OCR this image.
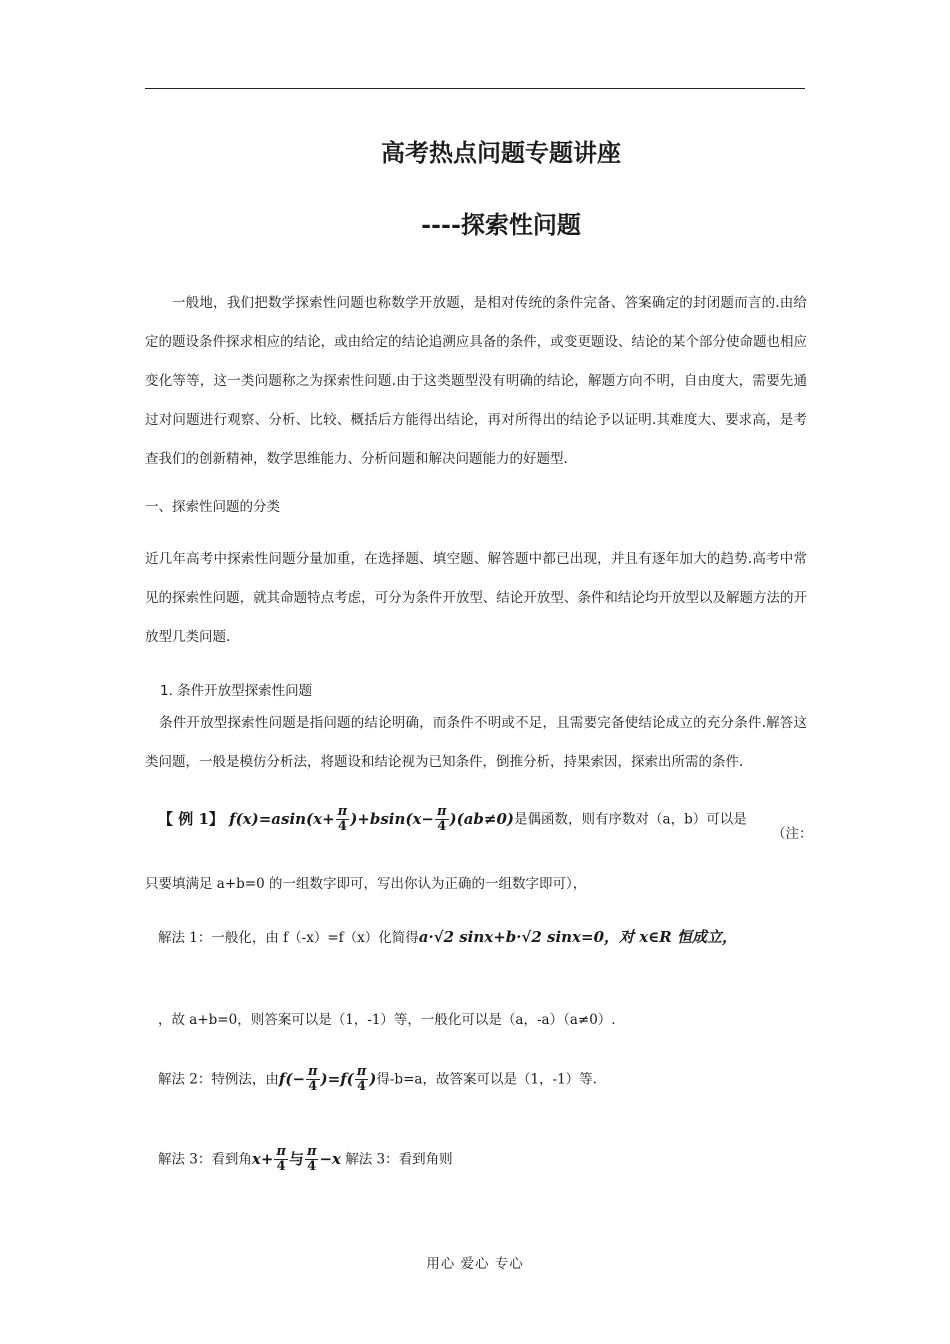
高考热点问题专题讲座
----探索性问题
一般地，我们把数学探索性问题也称数学开放题，是相对传统的条件完备、答案确定的封闭题而言的.由给定的题设条件探求相应的结论，或由给定的结论追溯应具备的条件，或变更题设、结论的某个部分使命题也相应变化等等，这一类问题称之为探索性问题.由于这类题型没有明确的结论，解题方向不明，自由度大，需要先通过对问题进行观察、分析、比较、概括后方能得出结论，再对所得出的结论予以证明.其难度大、要求高，是考查我们的创新精神，数学思维能力、分析问题和解决问题能力的好题型.
一、探索性问题的分类
近几年高考中探索性问题分量加重，在选择题、填空题、解答题中都已出现，并且有逐年加大的趋势.高考中常见的探索性问题，就其命题特点考虑，可分为条件开放型、结论开放型、条件和结论均开放型以及解题方法的开放型几类问题.
1. 条件开放型探索性问题
条件开放型探索性问题是指问题的结论明确，而条件不明或不足，且需要完备使结论成立的充分条件.解答这类问题，一般是模仿分析法，将题设和结论视为已知条件，倒推分析，持果索因，探索出所需的条件.
【 例 1】 $f(x)=asin(x+ \frac{\pi}{4} )+bsin(x- \frac{\pi}{4} )(ab\ne 0)$是偶函数，则有序数对（a，b）可以是
（注：
只要填满足 a+b=0 的一组数字即可，写出你认为正确的一组数字即可），
解法 1：一般化，由 f（-x）=f（x）化简得a·√2 sinx+b·√2 sinx=0，对 x∈R 恒成立，
，故 a+b=0，则答案可以是（1，-1）等，一般化可以是（a，-a）（a≠0）.
解法 2：特例法，由$f(- \frac{\pi}{4} )=f( \frac{\pi}{4}$ )得-b=a，故答案可以是（1，-1）等.
解法 3：看到角$x+ \frac{\pi}{4}$ 与 $\frac{\pi}{4} -x$ 解法 3：看到角则
用心 爱心 专心
